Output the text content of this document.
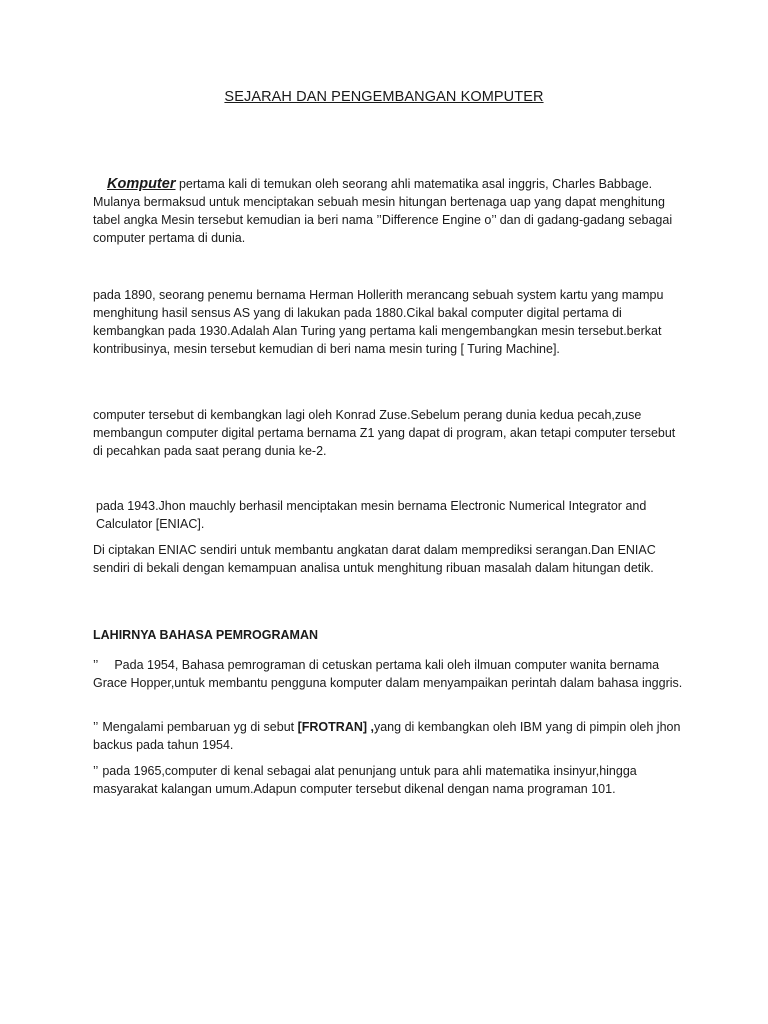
SEJARAH DAN PENGEMBANGAN KOMPUTER

Komputer pertama kali di temukan oleh seorang ahli matematika asal inggris, Charles Babbage. Mulanya bermaksud untuk menciptakan sebuah mesin hitungan bertenaga uap yang dapat menghitung tabel angka Mesin tersebut kemudian ia beri nama ’’Difference Engine o’’ dan di gadang-gadang sebagai computer pertama di dunia.

pada 1890, seorang penemu bernama Herman Hollerith merancang sebuah system kartu yang mampu menghitung hasil sensus AS yang di lakukan pada 1880.Cikal bakal computer digital pertama di kembangkan pada 1930.Adalah Alan Turing yang pertama kali mengembangkan mesin tersebut.berkat kontribusinya, mesin tersebut kemudian di beri nama mesin turing [ Turing Machine].

computer tersebut di kembangkan lagi oleh Konrad Zuse.Sebelum perang dunia kedua pecah,zuse membangun computer digital pertama bernama Z1 yang dapat di program, akan tetapi computer tersebut di pecahkan pada saat perang dunia ke-2.

pada 1943.Jhon mauchly berhasil menciptakan mesin bernama Electronic Numerical Integrator and Calculator [ENIAC].

Di ciptakan ENIAC sendiri untuk membantu angkatan darat dalam memprediksi serangan.Dan ENIAC sendiri di bekali dengan kemampuan analisa untuk menghitung ribuan masalah dalam hitungan detik.

LAHIRNYA BAHASA PEMROGRAMAN

’’ Pada 1954, Bahasa pemrograman di cetuskan pertama kali oleh ilmuan computer wanita bernama Grace Hopper,untuk membantu pengguna komputer dalam menyampaikan perintah dalam bahasa inggris.

’’ Mengalami pembaruan yg di sebut [FROTRAN] ,yang di kembangkan oleh IBM yang di pimpin oleh jhon backus pada tahun 1954.

’’ pada 1965,computer di kenal sebagai alat penunjang untuk para ahli matematika insinyur,hingga masyarakat kalangan umum.Adapun computer tersebut dikenal dengan nama programan 101.
